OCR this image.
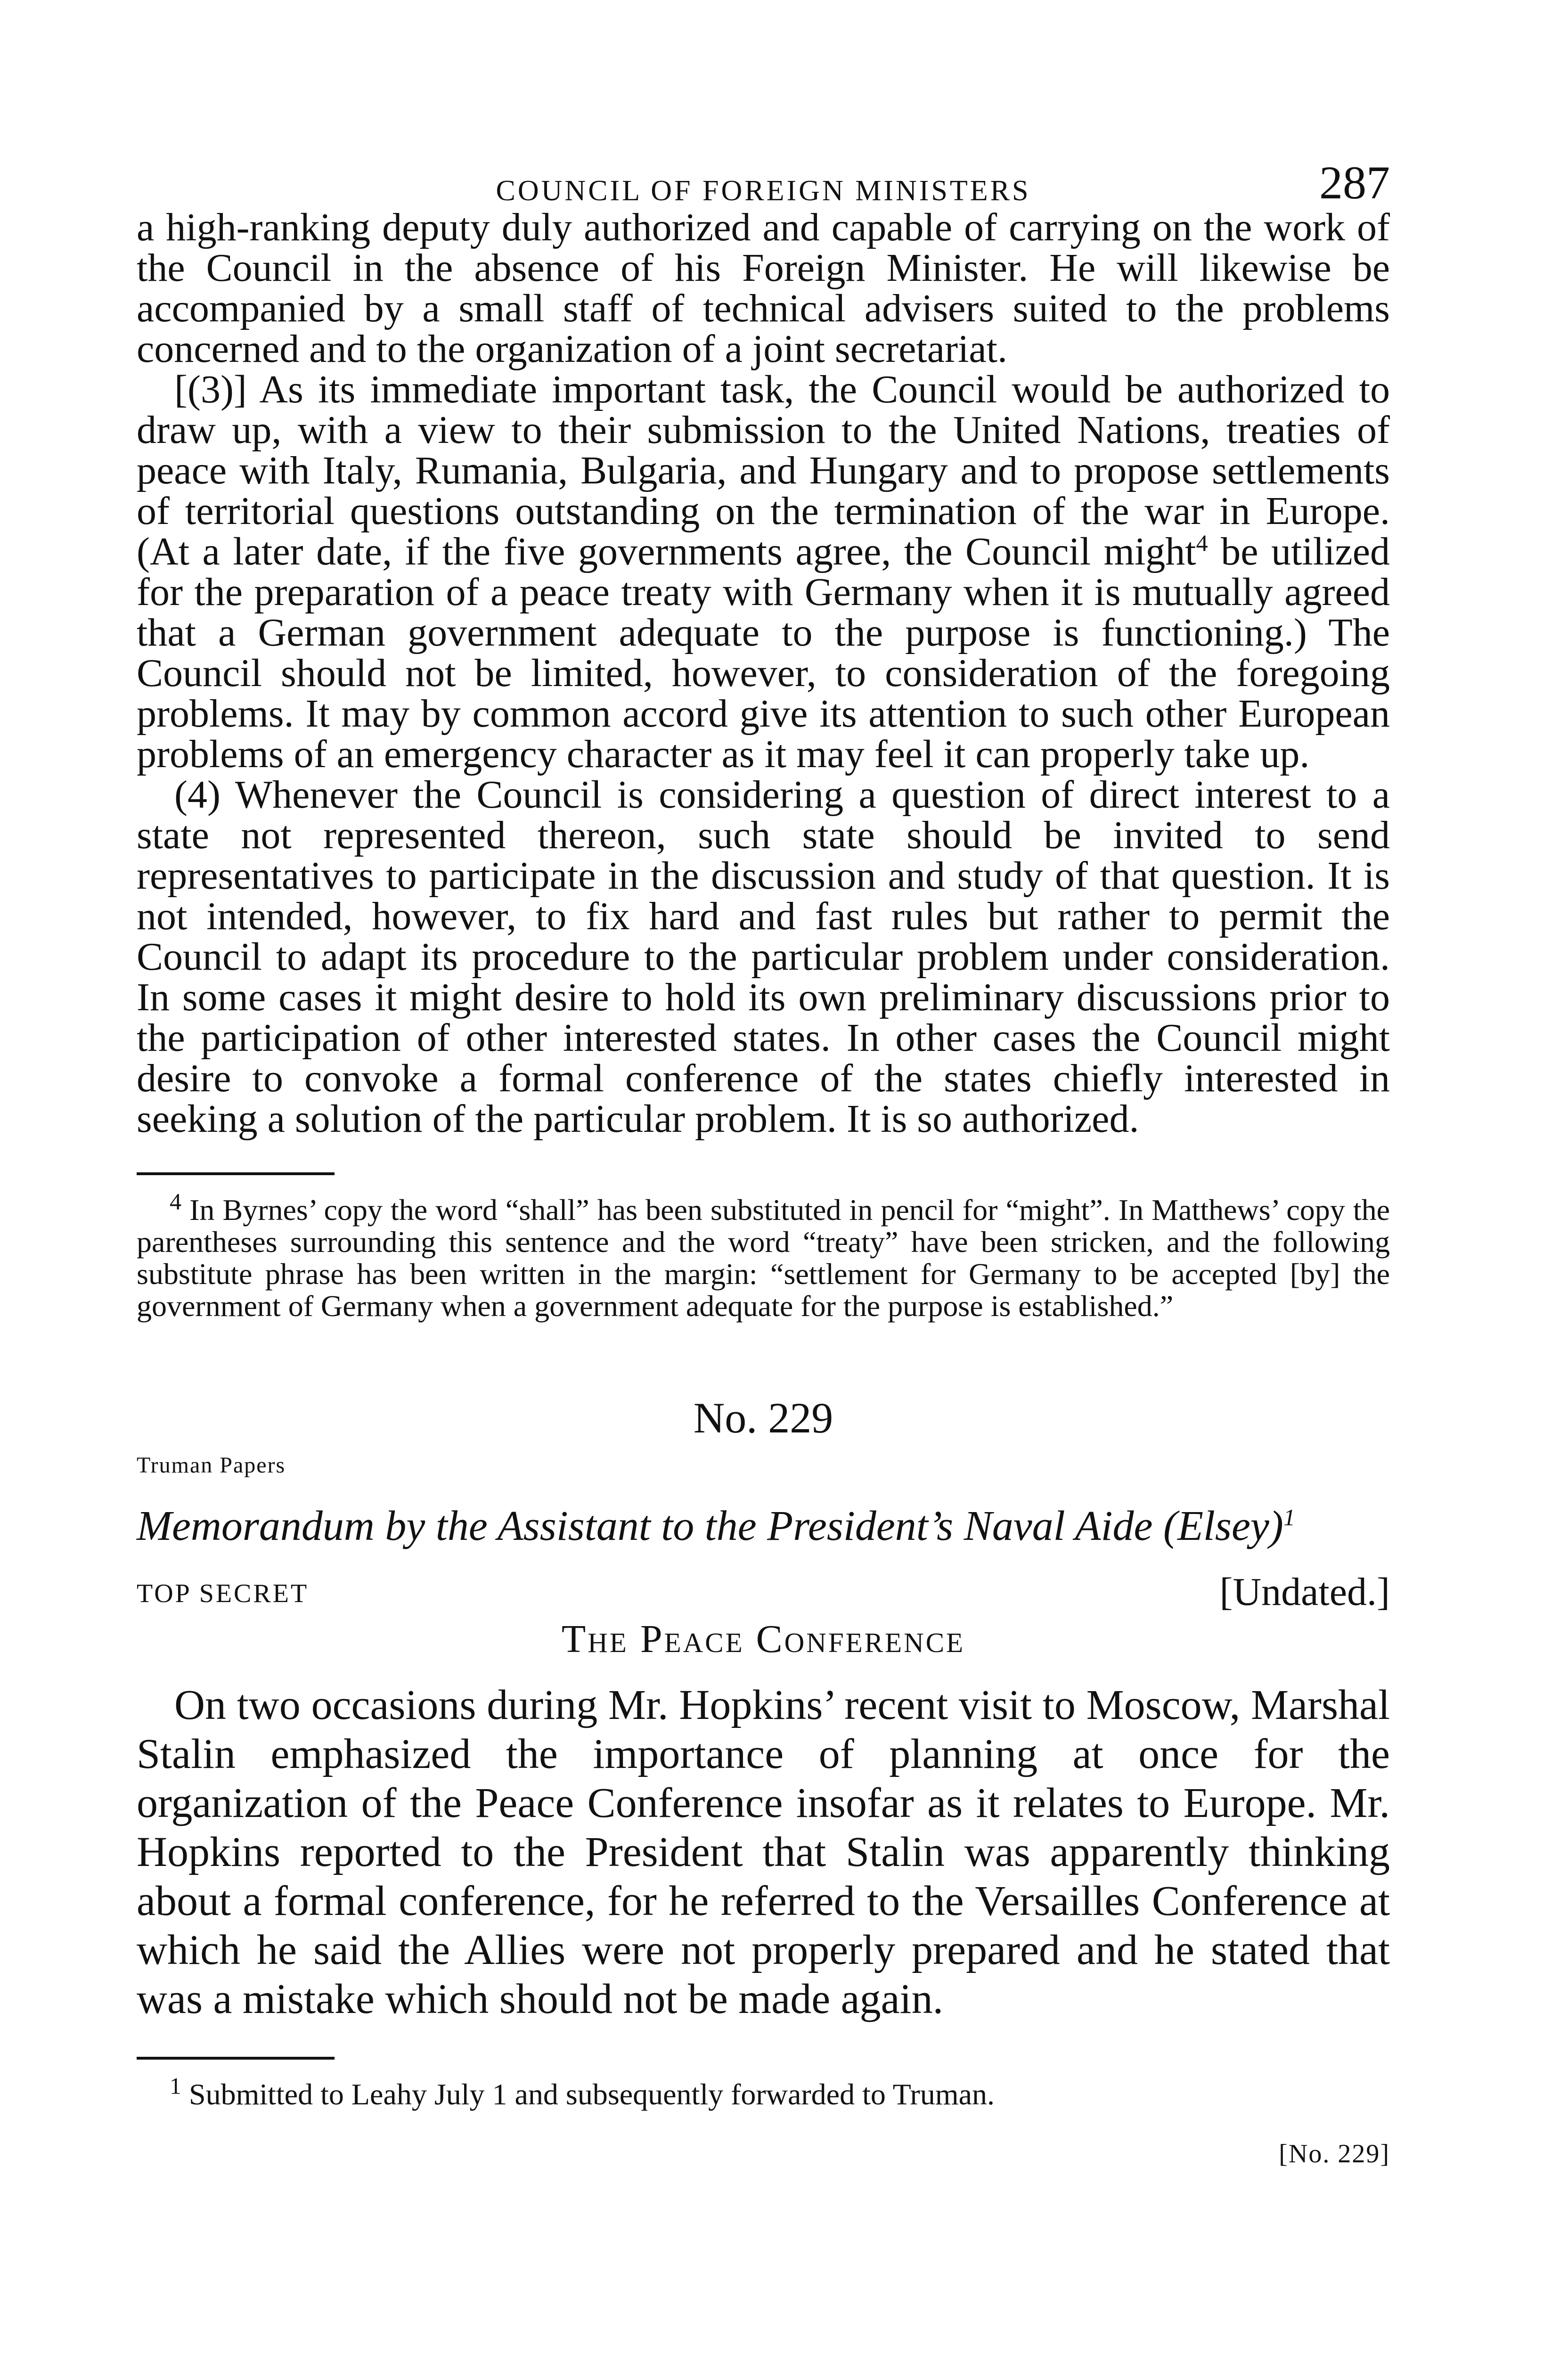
COUNCIL OF FOREIGN MINISTERS	287

a high-ranking deputy duly authorized and capable of carrying on the work of the Council in the absence of his Foreign Minister. He will likewise be accompanied by a small staff of technical advisers suited to the problems concerned and to the organization of a joint secretariat.

[(3)] As its immediate important task, the Council would be authorized to draw up, with a view to their submission to the United Nations, treaties of peace with Italy, Rumania, Bulgaria, and Hungary and to propose settlements of territorial questions outstanding on the termination of the war in Europe. (At a later date, if the five governments agree, the Council might$^4$ be utilized for the preparation of a peace treaty with Germany when it is mutually agreed that a German government adequate to the purpose is functioning.) The Council should not be limited, however, to consideration of the foregoing problems. It may by common accord give its attention to such other European problems of an emergency character as it may feel it can properly take up.

(4) Whenever the Council is considering a question of direct interest to a state not represented thereon, such state should be invited to send representatives to participate in the discussion and study of that question. It is not intended, however, to fix hard and fast rules but rather to permit the Council to adapt its procedure to the particular problem under consideration. In some cases it might desire to hold its own preliminary discussions prior to the participation of other interested states. In other cases the Council might desire to convoke a formal conference of the states chiefly interested in seeking a solution of the particular problem. It is so authorized.

$^4$ In Byrnes’ copy the word “shall” has been substituted in pencil for “might”. In Matthews’ copy the parentheses surrounding this sentence and the word “treaty” have been stricken, and the following substitute phrase has been written in the margin: “settlement for Germany to be accepted [by] the government of Germany when a government adequate for the purpose is established.”

No. 229
Truman Papers
Memorandum by the Assistant to the President’s Naval Aide (Elsey)$^1$
TOP SECRET	[Undated.]
The Peace Conference

On two occasions during Mr. Hopkins’ recent visit to Moscow, Marshal Stalin emphasized the importance of planning at once for the organization of the Peace Conference insofar as it relates to Europe. Mr. Hopkins reported to the President that Stalin was apparently thinking about a formal conference, for he referred to the Versailles Conference at which he said the Allies were not properly prepared and he stated that was a mistake which should not be made again.

$^1$ Submitted to Leahy July 1 and subsequently forwarded to Truman.

[No. 229]
